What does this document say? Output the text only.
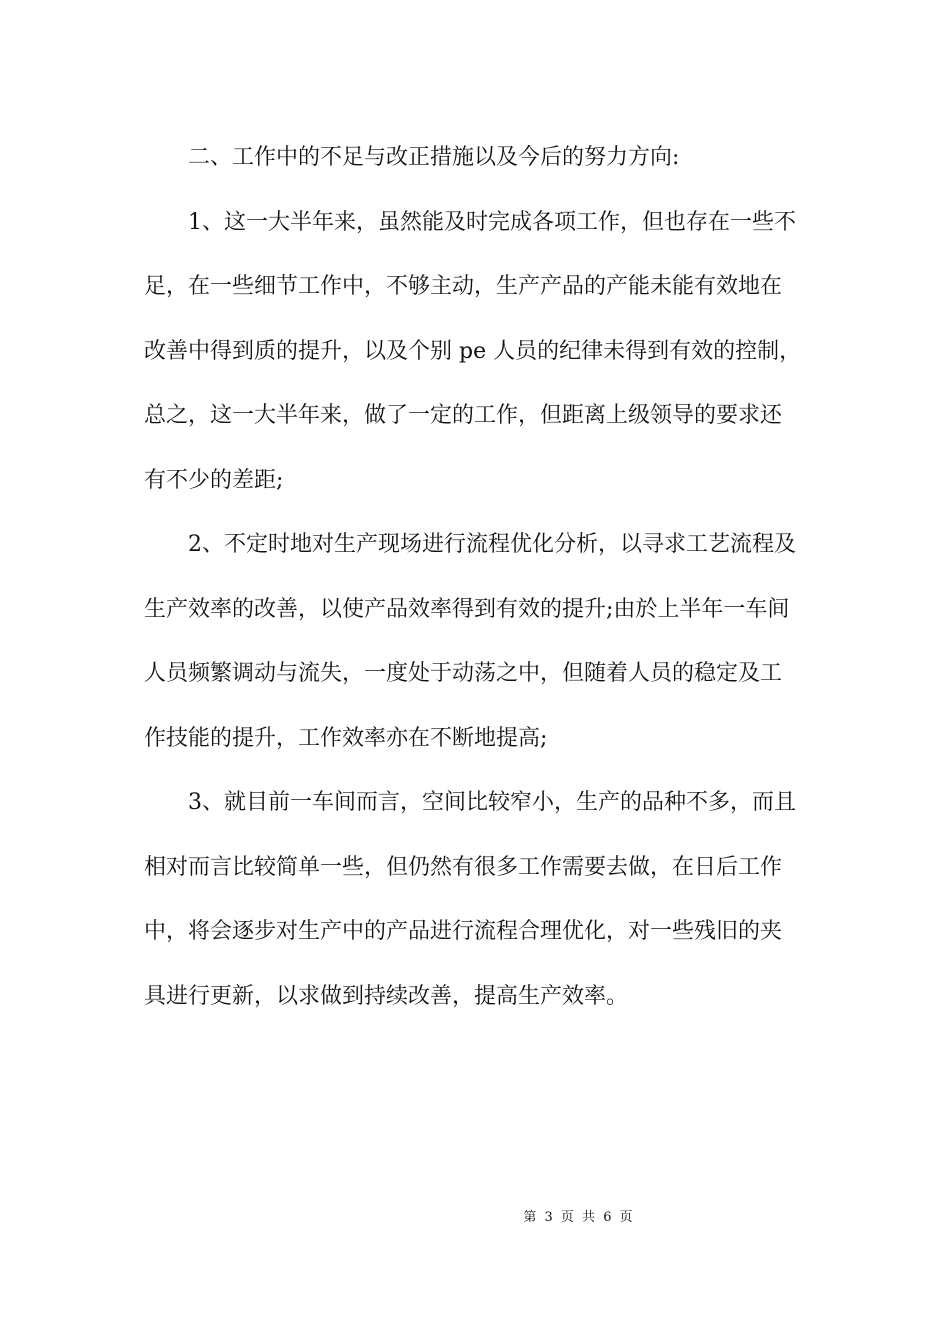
二、工作中的不足与改正措施以及今后的努力方向:
1、这一大半年来，虽然能及时完成各项工作，但也存在一些不
足，在一些细节工作中，不够主动，生产产品的产能未能有效地在
改善中得到质的提升，以及个别 pe 人员的纪律未得到有效的控制，
总之，这一大半年来，做了一定的工作，但距离上级领导的要求还
有不少的差距;
2、不定时地对生产现场进行流程优化分析，以寻求工艺流程及
生产效率的改善，以使产品效率得到有效的提升;由於上半年一车间
人员频繁调动与流失，一度处于动荡之中，但随着人员的稳定及工
作技能的提升，工作效率亦在不断地提高;
3、就目前一车间而言，空间比较窄小，生产的品种不多，而且
相对而言比较简单一些，但仍然有很多工作需要去做，在日后工作
中，将会逐步对生产中的产品进行流程合理优化，对一些残旧的夹
具进行更新，以求做到持续改善，提高生产效率。
第 3 页 共 6 页
